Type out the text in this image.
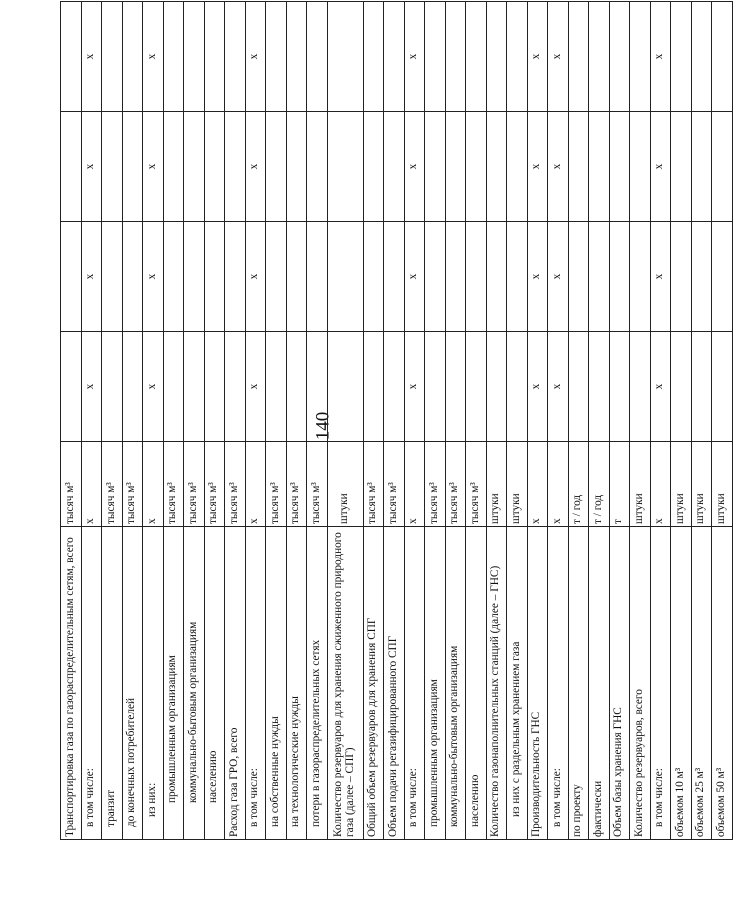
140
Транспортировка газа по газораспределительным сетям, всего	тысяч м³				
в том числе:	х	х	х	х	х
транзит	тысяч м³				
до конечных потребителей	тысяч м³				
из них:	х	х	х	х	х
промышленным организациям	тысяч м³				
коммунально-бытовым организациям	тысяч м³				
населению	тысяч м³				
Расход газа ГРО, всего	тысяч м³				
в том числе:	х	х	х	х	х
на собственные нужды	тысяч м³				
на технологические нужды	тысяч м³				
потери в газораспределительных сетях	тысяч м³				
Количество резервуаров для хранения сжиженного природного газа (далее – СПГ)	штуки				
Общий объем резервуаров для хранения СПГ	тысяч м³				
Объем подачи регазифицированного СПГ	тысяч м³				
в том числе:	х	х	х	х	х
промышленным организациям	тысяч м³				
коммунально-бытовым организациям	тысяч м³				
населению	тысяч м³				
Количество газонаполнительных станций (далее – ГНС)	штуки				
из них с раздельным хранением газа	штуки				
Производительность ГНС	х	х	х	х	х
в том числе:	х	х	х	х	х
по проекту	т / год				
фактически	т / год				
Объем базы хранения ГНС	т				
Количество резервуаров, всего	штуки				
в том числе:	х	х	х	х	х
объемом 10 м³	штуки				
объемом 25 м³	штуки				
объемом 50 м³	штуки				
